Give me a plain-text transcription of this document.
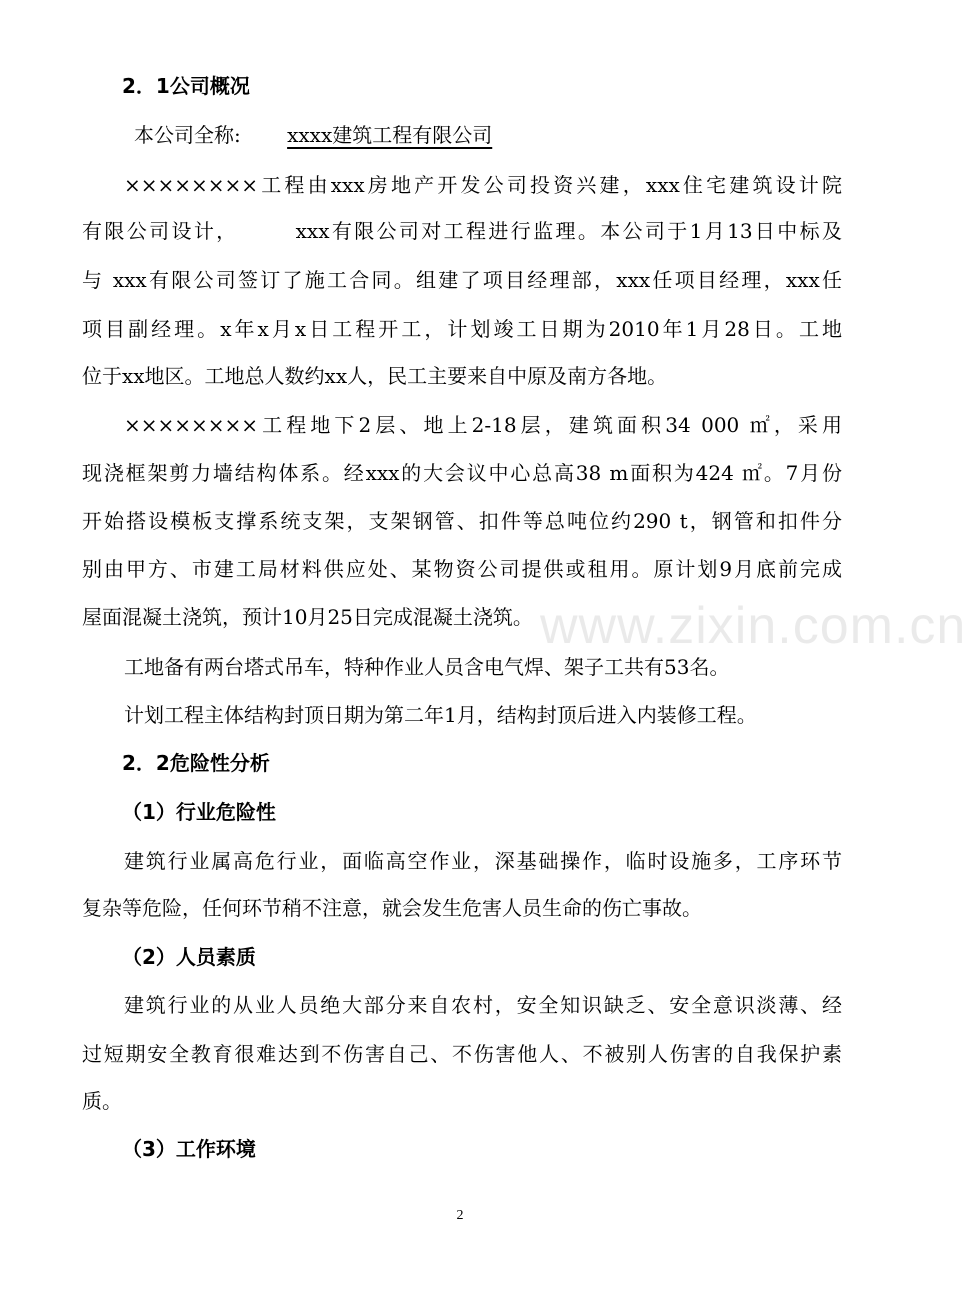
2．1公司概况
本公司全称: xxxx建筑工程有限公司
××××××××工程由xxx房地产开发公司投资兴建，xxx住宅建筑设计院
有限公司设计，　　　xxx有限公司对工程进行监理。本公司于1月13日中标及
与 xxx有限公司签订了施工合同。组建了项目经理部，xxx任项目经理，xxx任
项目副经理。x年x月x日工程开工，计划竣工日期为2010年1月28日。工地
位于xx地区。工地总人数约xx人，民工主要来自中原及南方各地。
××××××××工程地下2层、地上2-18层，建筑面积34 000 ㎡，采用
现浇框架剪力墙结构体系。经xxx的大会议中心总高38 m面积为424 ㎡。7月份
开始搭设模板支撑系统支架，支架钢管、扣件等总吨位约290 t，钢管和扣件分
别由甲方、市建工局材料供应处、某物资公司提供或租用。原计划9月底前完成
屋面混凝土浇筑，预计10月25日完成混凝土浇筑。
工地备有两台塔式吊车，特种作业人员含电气焊、架子工共有53名。
计划工程主体结构封顶日期为第二年1月，结构封顶后进入内装修工程。
2．2危险性分析
（1）行业危险性
建筑行业属高危行业，面临高空作业，深基础操作，临时设施多，工序环节
复杂等危险，任何环节稍不注意，就会发生危害人员生命的伤亡事故。
（2）人员素质
建筑行业的从业人员绝大部分来自农村，安全知识缺乏、安全意识淡薄、经
过短期安全教育很难达到不伤害自己、不伤害他人、不被别人伤害的自我保护素
质。
（3）工作环境
www.zixin.com.cn
2
